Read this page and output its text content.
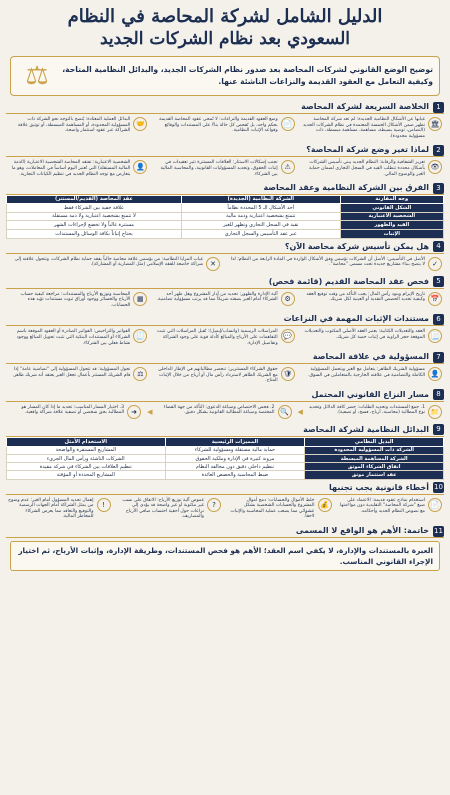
الدليل الشامل لشركة المحاصة في النظام
السعودي بعد نظام الشركات الجديد
توضيح الوضع القانوني لشركات المحاصة بعد صدور نظام الشركات الجديد، والبدائل النظامية المتاحة، وكيفية التعامل مع العقود القديمة والنزاعات الناشئة عنها.
⚖
1
الخلاصة السريعة لشركة المحاصة
🏛
غيابها عن الأشكال النظامية الجديدة: لم تعد شركة المحاصة تظهر ضمن الأشكال الخمسة المعتمدة في نظام الشركات الجديد (التضامن، توصية بسيطة، مساهمة، مساهمة مبسطة، ذات مسؤولية محدودة).
📄
وضع العقود القديمة والنزاعات: لا تُمحى عقود المحاصة القديمة بحكم واحد، بل تُفحص كل حالة بناءً على المستندات والوقائع وقواعد الإثبات النظامية.
🤝
البدائل العملية المعتادة: يُنصح بالتوجه نحو الشركة ذات المسؤولية المحدودة، أو المساهمة المبسطة، أو توثيق علاقة الشراكة عبر عقود استثمار واضحة.
2
لماذا تغير وضع شركة المحاصة؟
👁
تعزيز الشفافية والرقابة: النظام الجديد يبني تأسيس الشركات بأشكال محددة تتطلب القيد في السجل التجاري لضمان حماية الغير والوضوح المالي.
⚠
تجنب إشكالات الاستتار: العلاقات المستترة تثير تعقيدات في إثبات الحقوق، وتحديد المسؤوليات القانونية، والمحاسبة المالية بين الشركاء.
👤
الشخصية الاعتبارية: تفتقد المحاصة الشخصية الاعتبارية (الذمة المالية المستقلة) التي تُعتبر اليوم أساساً في المعاملات، وهو ما يتعارض مع توجه النظام الجديد في تنظيم الكيانات التجارية.
3
الفرق بين الشركة النظامية وعقد المحاصة
وجه المقارنة	الشركة النظامية (الجديدة)	عقد المحاصة (القديم/المستتر)
الشكل القانوني	أحد الأشكال الـ 5 المحددة نظاماً	علاقة خفية بين الشركاء فقط
الشخصية الاعتبارية	تتمتع بشخصية اعتبارية وذمة مالية	لا تتمتع بشخصية اعتبارية ولا ذمة مستقلة
القيد والظهور	تقيد في السجل التجاري وتظهر للغير	مستترة غالباً ولا تخضع لإجراءات الشهر
الإثبات	عبر عقد التأسيس والسجل التجاري	يحتاج إثباتاً بكافة الوسائل والمستندات
4
هل يمكن تأسيس شركة محاصة الآن؟
✓
الأصل في التأسيس: الأصل أن الشركات تؤسس وفق الأشكال الواردة في المادة الرابعة من النظام؛ لذا لا ينصح ببناء مشاريع جديدة تحت مسمى "محاصة".
✕
غياب المزايا النظامية: من يؤسس علاقة محاصة حالياً يفقد حماية نظام الشركات، وتتحول علاقته إلى شراكة خاضعة للفقه الإسلامي (مثل المضاربة أو المشاركة).
5
فحص عقد المحاصة القديم (قائمة فحص)
📅
تاريخ الإبرام وبنود رأس المال: يجب التأكد من وقت توقيع العقد وكيفية تحديد الحصص النقدية أو العينية لكل شريك.
⚙
آلية الإدارة والظهور: تحديد من أدار المشروع وهل ظهر أحد الشركاء أمام الغير بصفته شريكاً مما قد يرتب مسؤولية تضامنية.
▦
المحاسبة وتوزيع الأرباح والمستندات: مراجعة كيفية حساب الأرباح والخسائر ووجود أوراق ثبوت مستندات تؤيد هذه الحسابات.
6
مستندات الإثبات المهمة في النزاعات
📃
العقد والتعديلات الكتابية: يعتبر العقد الأصلي المكتوب والتعديلات الموقعة حجر الزاوية في إثبات حصة كل شريك.
💬
المراسلات الرسمية (واتساب/إيميل): تُقبل المراسلات التي تثبت التفاهمات على الأرباح والمبالغ كأدلة قوية على وجود الشراكة وتفاصيل الإدارة.
🧾
الفواتير والتراخيص: الفواتير الصادرة أو العقود الموقعة باسم الشركاء أو المستندات البنكية التي تثبت تحويل المبالغ ووجود نشاط فعلي بين الشركاء.
7
المسؤولية في علاقة المحاصة
👤
مسؤولية الشريك الظاهر: يتعامل مع الغير ويتحمل المسؤولية الكاملة والتضامنية في علاقته الخارجية بالمتعاملين في السوق.
🛡
حقوق الشركاء المستترين: تنحصر مطالباتهم في الإطار الداخلي مع الشريك الظاهر لاسترداد رأس مال أو أرباح من خلال الإثبات المتاح.
⚖
تحول المسؤولية: قد تتحول المسؤولية إلى "تضامنية عامة" إذا قام الشريك المستتر بأعمال تجعل الغير يعتقد أنه شريك ظاهر.
8
مسار النزاع القانوني المحتمل
📁
1. جمع المستندات وتحديد الطلبات: حصر كافة الدلائل وتحديد نوع المطالبة (محاسبة، أرباح، فسخ، أو تصفية).
◀
🔍
2. فحص الاختصاص وصياغة الدعوى: التأكد من جهة القضاء المختصة وصياغة المطالبة القانونية بشكل دقيق.
◀
➜
3. اختيار المسار المناسب: تحديد ما إذا كان المسار هو المطالبة بحق شخصي أو تصفية علاقة شراكة واقعية.
9
البدائل النظامية لشركة المحاصة
البديل النظامي	المميزات الرئيسية	الاستخدام الأمثل
الشركة ذات المسؤولية المحدودة	حماية مالية مستقلة ومسؤولية للشركاء	المشاريع المستقرة والواضحة
الشركة المساهمة المبسطة	مرونة كبيرة في الإدارة وملكية الحقوق	الشركات الناشئة ورأس المال الجريء
اتفاق الشركاء الموثق	تنظيم داخلي دقيق دون مخالفة النظام	تنظيم العلاقات بين الشركاء في شركة مقيدة
عقد استثمار موثق	ضبط المحاسبة والحصص العائدة	المشاريع المحددة أو المؤقتة
10
أخطاء قانونية يجب تجنبها
📄
استخدام نماذج عقود قديمة: الاعتماد على صيغ "شركة المحاصة" التقليدية دون مواءمتها مع نصوص النظام الجديد وأحكامه.
💰
خلط الأموال والحسابات: دمج أموال المشروع والحسابات الشخصية بشكل عشوائي مما يصعب عملية المحاسبة والإثبات لاحقاً.
?
غموض آلية توزيع الأرباح: الاتفاق على نسب غير مكتوبة أو غير واضحة قد يؤدي إلى نزاعات حول أحقية احتساب صافي الأرباح والمصاريف.
!
إهمال تحديد المسؤول أمام الغير: عدم وضوح من يمثل الشراكة أمام الجهات الرسمية والتوقيع والتعاقد مما يعرض الشركاء للمخاطر المالية.
11
خاتمة: الأهم هو الواقع لا المسمى
العبرة بالمستندات والإدارة، لا يكفي اسم العقد؛ الأهم هو فحص المستندات، وطريقة الإدارة، وإثبات الأرباح، ثم اختيار الإجراء القانوني المناسب.
